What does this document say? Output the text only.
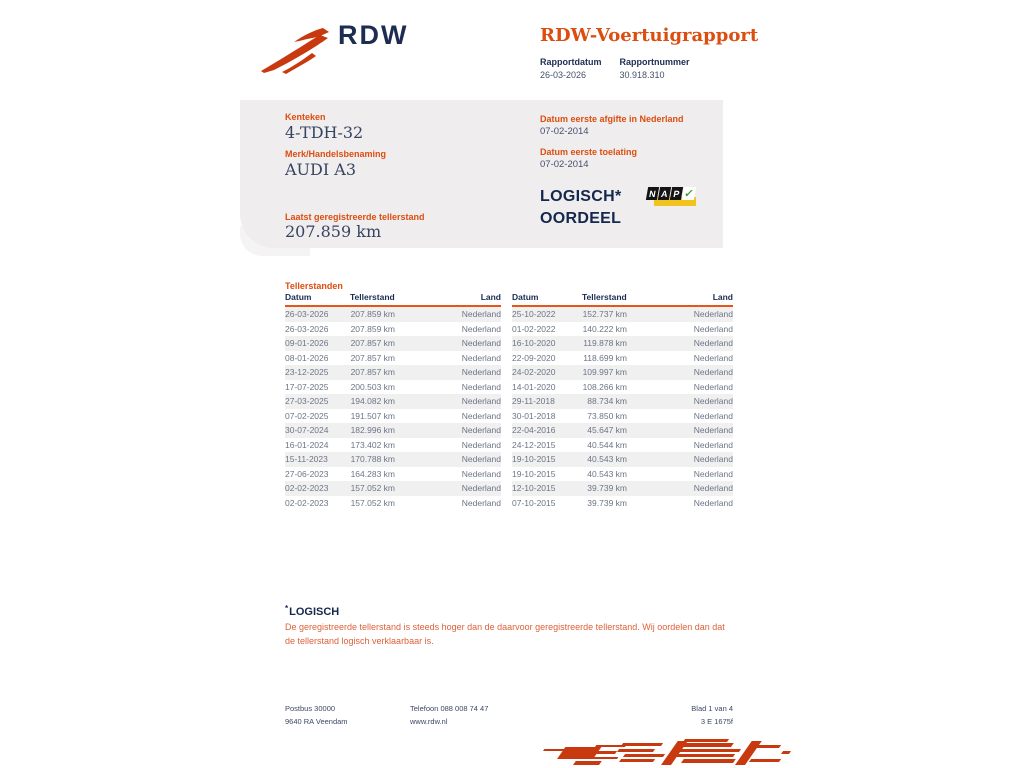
RDW	RDW-Voertuigrapport
Rapportdatum
26-03-2026
Rapportnummer
30.918.310
Kenteken
4-TDH-32
Merk/Handelsbenaming
AUDI A3
Laatst geregistreerde tellerstand
207.859 km
Datum eerste afgifte in Nederland
07-02-2014
Datum eerste toelating
07-02-2014
LOGISCH*
OORDEEL
N A P ✓
Tellerstanden
Datum	Tellerstand	Land
26-03-2026	207.859 km	Nederland
26-03-2026	207.859 km	Nederland
09-01-2026	207.857 km	Nederland
08-01-2026	207.857 km	Nederland
23-12-2025	207.857 km	Nederland
17-07-2025	200.503 km	Nederland
27-03-2025	194.082 km	Nederland
07-02-2025	191.507 km	Nederland
30-07-2024	182.996 km	Nederland
16-01-2024	173.402 km	Nederland
15-11-2023	170.788 km	Nederland
27-06-2023	164.283 km	Nederland
02-02-2023	157.052 km	Nederland
02-02-2023	157.052 km	Nederland
Datum	Tellerstand	Land
25-10-2022	152.737 km	Nederland
01-02-2022	140.222 km	Nederland
16-10-2020	119.878 km	Nederland
22-09-2020	118.699 km	Nederland
24-02-2020	109.997 km	Nederland
14-01-2020	108.266 km	Nederland
29-11-2018	88.734 km	Nederland
30-01-2018	73.850 km	Nederland
22-04-2016	45.647 km	Nederland
24-12-2015	40.544 km	Nederland
19-10-2015	40.543 km	Nederland
19-10-2015	40.543 km	Nederland
12-10-2015	39.739 km	Nederland
07-10-2015	39.739 km	Nederland
*LOGISCH
De geregistreerde tellerstand is steeds hoger dan de daarvoor geregistreerde tellerstand. Wij oordelen dan dat de tellerstand logisch verklaarbaar is.
Postbus 30000
9640 RA Veendam
Telefoon 088 008 74 47
www.rdw.nl
Blad 1 van 4
3 E 1675f
